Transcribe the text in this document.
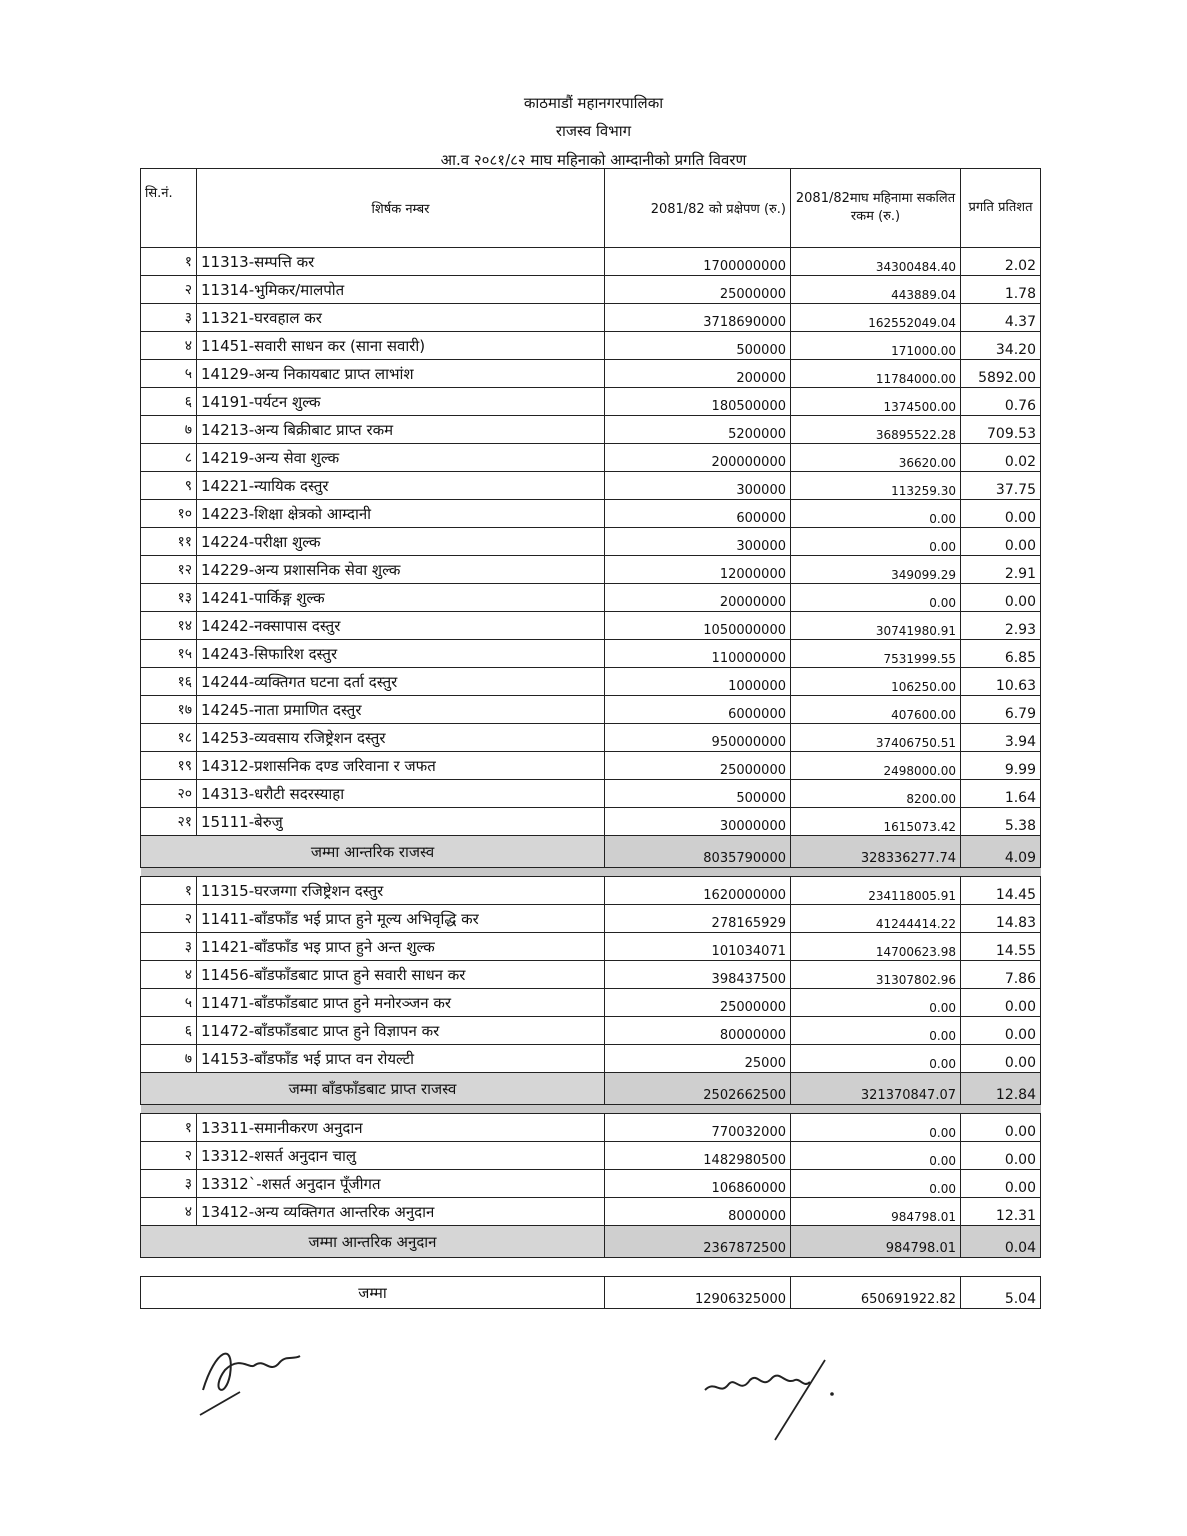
काठमाडौं महानगरपालिका
राजस्व विभाग
आ.व २०८१/८२ माघ महिनाको आम्दानीको प्रगति विवरण
सि.नं.	शिर्षक नम्बर	2081/82 को प्रक्षेपण (रु.)	2081/82माघ महिनामा सकलित रकम (रु.)	प्रगति प्रतिशत
१	11313-सम्पत्ति कर	1700000000	34300484.40	2.02
२	11314-भुमिकर/मालपोत	25000000	443889.04	1.78
३	11321-घरवहाल कर	3718690000	162552049.04	4.37
४	11451-सवारी साधन कर (साना सवारी)	500000	171000.00	34.20
५	14129-अन्य निकायबाट प्राप्त लाभांश	200000	11784000.00	5892.00
६	14191-पर्यटन शुल्क	180500000	1374500.00	0.76
७	14213-अन्य बिक्रीबाट प्राप्त रकम	5200000	36895522.28	709.53
८	14219-अन्य सेवा शुल्क	200000000	36620.00	0.02
९	14221-न्यायिक दस्तुर	300000	113259.30	37.75
१०	14223-शिक्षा क्षेत्रको आम्दानी	600000	0.00	0.00
११	14224-परीक्षा शुल्क	300000	0.00	0.00
१२	14229-अन्य प्रशासनिक सेवा शुल्क	12000000	349099.29	2.91
१३	14241-पार्किङ्ग शुल्क	20000000	0.00	0.00
१४	14242-नक्सापास दस्तुर	1050000000	30741980.91	2.93
१५	14243-सिफारिश दस्तुर	110000000	7531999.55	6.85
१६	14244-व्यक्तिगत घटना दर्ता दस्तुर	1000000	106250.00	10.63
१७	14245-नाता प्रमाणित दस्तुर	6000000	407600.00	6.79
१८	14253-व्यवसाय रजिष्ट्रेशन दस्तुर	950000000	37406750.51	3.94
१९	14312-प्रशासनिक दण्ड जरिवाना र जफत	25000000	2498000.00	9.99
२०	14313-धरौटी सदरस्याहा	500000	8200.00	1.64
२१	15111-बेरुजु	30000000	1615073.42	5.38
जम्मा आन्तरिक राजस्व		8035790000	328336277.74	4.09

१	11315-घरजग्गा रजिष्ट्रेशन दस्तुर	1620000000	234118005.91	14.45
२	11411-बाँडफाँड भई प्राप्त हुने मूल्य अभिवृद्धि कर	278165929	41244414.22	14.83
३	11421-बाँडफाँड भइ प्राप्त हुने अन्त शुल्क	101034071	14700623.98	14.55
४	11456-बाँडफाँडबाट प्राप्त हुने सवारी साधन कर	398437500	31307802.96	7.86
५	11471-बाँडफाँडबाट प्राप्त हुने मनोरञ्जन कर	25000000	0.00	0.00
६	11472-बाँडफाँडबाट प्राप्त हुने विज्ञापन कर	80000000	0.00	0.00
७	14153-बाँडफाँड भई प्राप्त वन रोयल्टी	25000	0.00	0.00
जम्मा बाँडफाँडबाट प्राप्त राजस्व		2502662500	321370847.07	12.84

१	13311-समानीकरण अनुदान	770032000	0.00	0.00
२	13312-शसर्त अनुदान चालु	1482980500	0.00	0.00
३	13312`-शसर्त अनुदान पूँजीगत	106860000	0.00	0.00
४	13412-अन्य व्यक्तिगत आन्तरिक अनुदान	8000000	984798.01	12.31
जम्मा आन्तरिक अनुदान		2367872500	984798.01	0.04

जम्मा		12906325000	650691922.82	5.04
